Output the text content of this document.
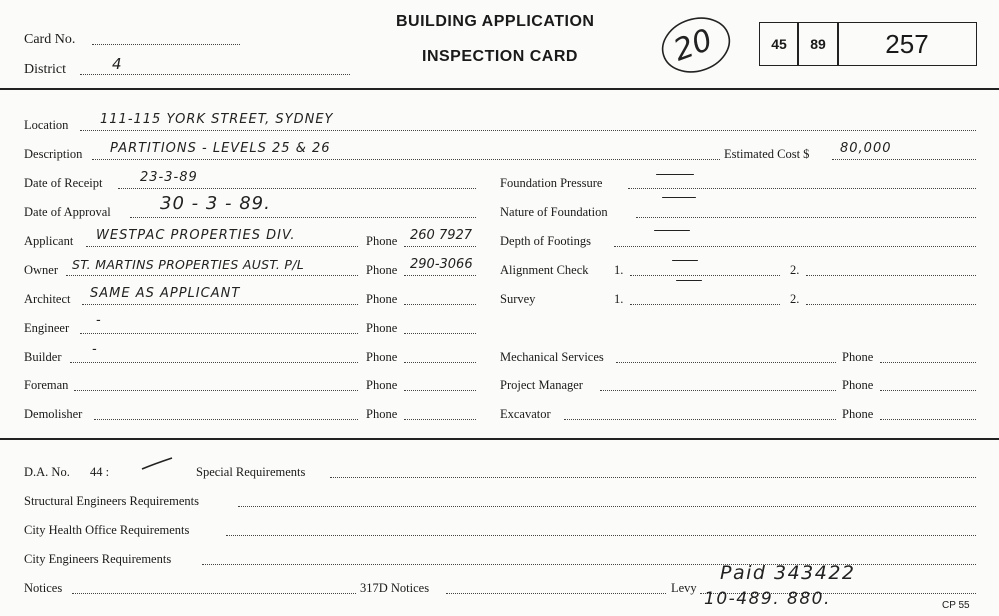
Card No.
District	4
BUILDING APPLICATION
INSPECTION CARD	20	45 89 257
Location 111-115 YORK STREET, SYDNEY
Description PARTITIONS - LEVELS 25 & 26	Estimated Cost $ 80,000
Date of Receipt	23-3-89
Date of Approval	30 - 3 - 89.
Applicant WESTPAC PROPERTIES DIV.	Phone 260 7927
Owner ST. MARTINS PROPERTIES AUST. P/L	Phone 290-3066
Architect SAME AS APPLICANT	Phone
Engineer -	Phone
Builder -	Phone
Foreman	Phone
Demolisher	Phone
Foundation Pressure
Nature of Foundation
Depth of Footings
Alignment Check 1.	2.
Survey	1.	2.
Mechanical Services	Phone
Project Manager	Phone
Excavator	Phone
D.A. No. 44 :	Special Requirements
Structural Engineers Requirements
City Health Office Requirements
City Engineers Requirements
Notices	317D Notices	Levy
Paid 343422
10-489. 880.	CP 55
